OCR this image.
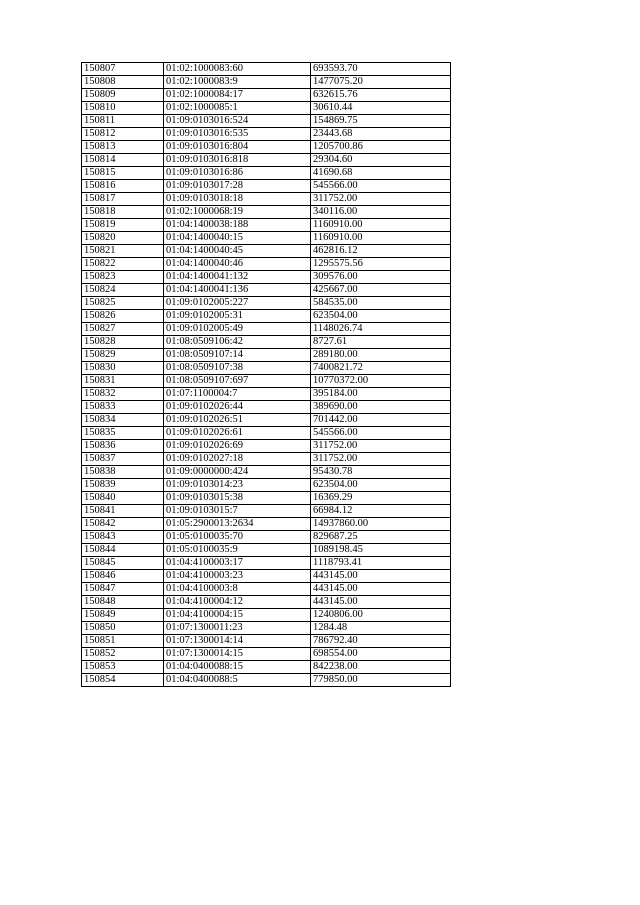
150807	01:02:1000083:60	693593.70
150808	01:02:1000083:9	1477075.20
150809	01:02:1000084:17	632615.76
150810	01:02:1000085:1	30610.44
150811	01:09:0103016:524	154869.75
150812	01:09:0103016:535	23443.68
150813	01:09:0103016:804	1205700.86
150814	01:09:0103016:818	29304.60
150815	01:09:0103016:86	41690.68
150816	01:09:0103017:28	545566.00
150817	01:09:0103018:18	311752.00
150818	01:02:1000068:19	340116.00
150819	01:04:1400038:188	1160910.00
150820	01:04:1400040:15	1160910.00
150821	01:04:1400040:45	462816.12
150822	01:04:1400040:46	1295575.56
150823	01:04:1400041:132	309576.00
150824	01:04:1400041:136	425667.00
150825	01:09:0102005:227	584535.00
150826	01:09:0102005:31	623504.00
150827	01:09:0102005:49	1148026.74
150828	01:08:0509106:42	8727.61
150829	01:08:0509107:14	289180.00
150830	01:08:0509107:38	7400821.72
150831	01:08:0509107:697	10770372.00
150832	01:07:1100004:7	395184.00
150833	01:09:0102026:44	389690.00
150834	01:09:0102026:51	701442.00
150835	01:09:0102026:61	545566.00
150836	01:09:0102026:69	311752.00
150837	01:09:0102027:18	311752.00
150838	01:09:0000000:424	95430.78
150839	01:09:0103014:23	623504.00
150840	01:09:0103015:38	16369.29
150841	01:09:0103015:7	66984.12
150842	01:05:2900013:2634	14937860.00
150843	01:05:0100035:70	829687.25
150844	01:05:0100035:9	1089198.45
150845	01:04:4100003:17	1118793.41
150846	01:04:4100003:23	443145.00
150847	01:04:4100003:8	443145.00
150848	01:04:4100004:12	443145.00
150849	01:04:4100004:15	1240806.00
150850	01:07:1300011:23	1284.48
150851	01:07:1300014:14	786792.40
150852	01:07:1300014:15	698554.00
150853	01:04:0400088:15	842238.00
150854	01:04:0400088:5	779850.00
